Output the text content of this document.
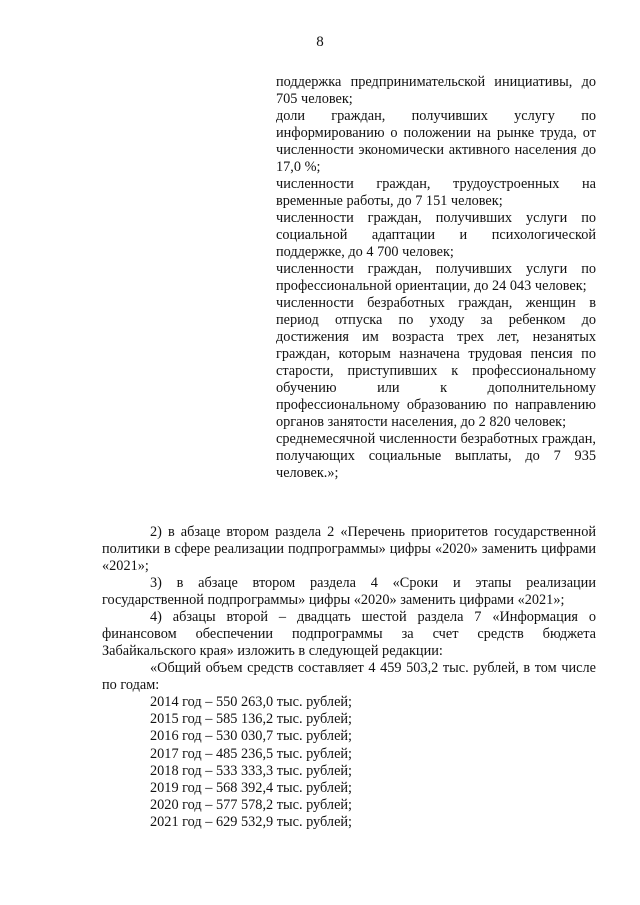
8

поддержка предпринимательской инициативы, до 705 человек;

доли граждан, получивших услугу по информированию о положении на рынке труда, от численности экономически активного населения до 17,0 %;

численности граждан, трудоустроенных на временные работы, до 7 151 человек;

численности граждан, получивших услуги по социальной адаптации и психологической поддержке, до 4 700 человек;

численности граждан, получивших услуги по профессиональной ориентации, до 24 043 человек;

численности безработных граждан, женщин в период отпуска по уходу за ребенком до достижения им возраста трех лет, незанятых граждан, которым назначена трудовая пенсия по старости, приступивших к профессиональному обучению или к дополнительному профессиональному образованию по направлению органов занятости населения, до 2 820 человек;

среднемесячной численности безработных граждан, получающих социальные выплаты, до 7 935 человек.»;

2) в абзаце втором раздела 2 «Перечень приоритетов государственной политики в сфере реализации подпрограммы» цифры «2020» заменить цифрами «2021»;

3) в абзаце втором раздела 4 «Сроки и этапы реализации государственной подпрограммы» цифры «2020» заменить цифрами «2021»;

4) абзацы второй – двадцать шестой раздела 7 «Информация о финансовом обеспечении подпрограммы за счет средств бюджета Забайкальского края» изложить в следующей редакции:

«Общий объем средств составляет 4 459 503,2 тыс. рублей, в том числе по годам:

2014 год – 550 263,0 тыс. рублей;
2015 год – 585 136,2 тыс. рублей;
2016 год – 530 030,7 тыс. рублей;
2017 год – 485 236,5 тыс. рублей;
2018 год – 533 333,3 тыс. рублей;
2019 год – 568 392,4 тыс. рублей;
2020 год – 577 578,2 тыс. рублей;
2021 год – 629 532,9 тыс. рублей;
